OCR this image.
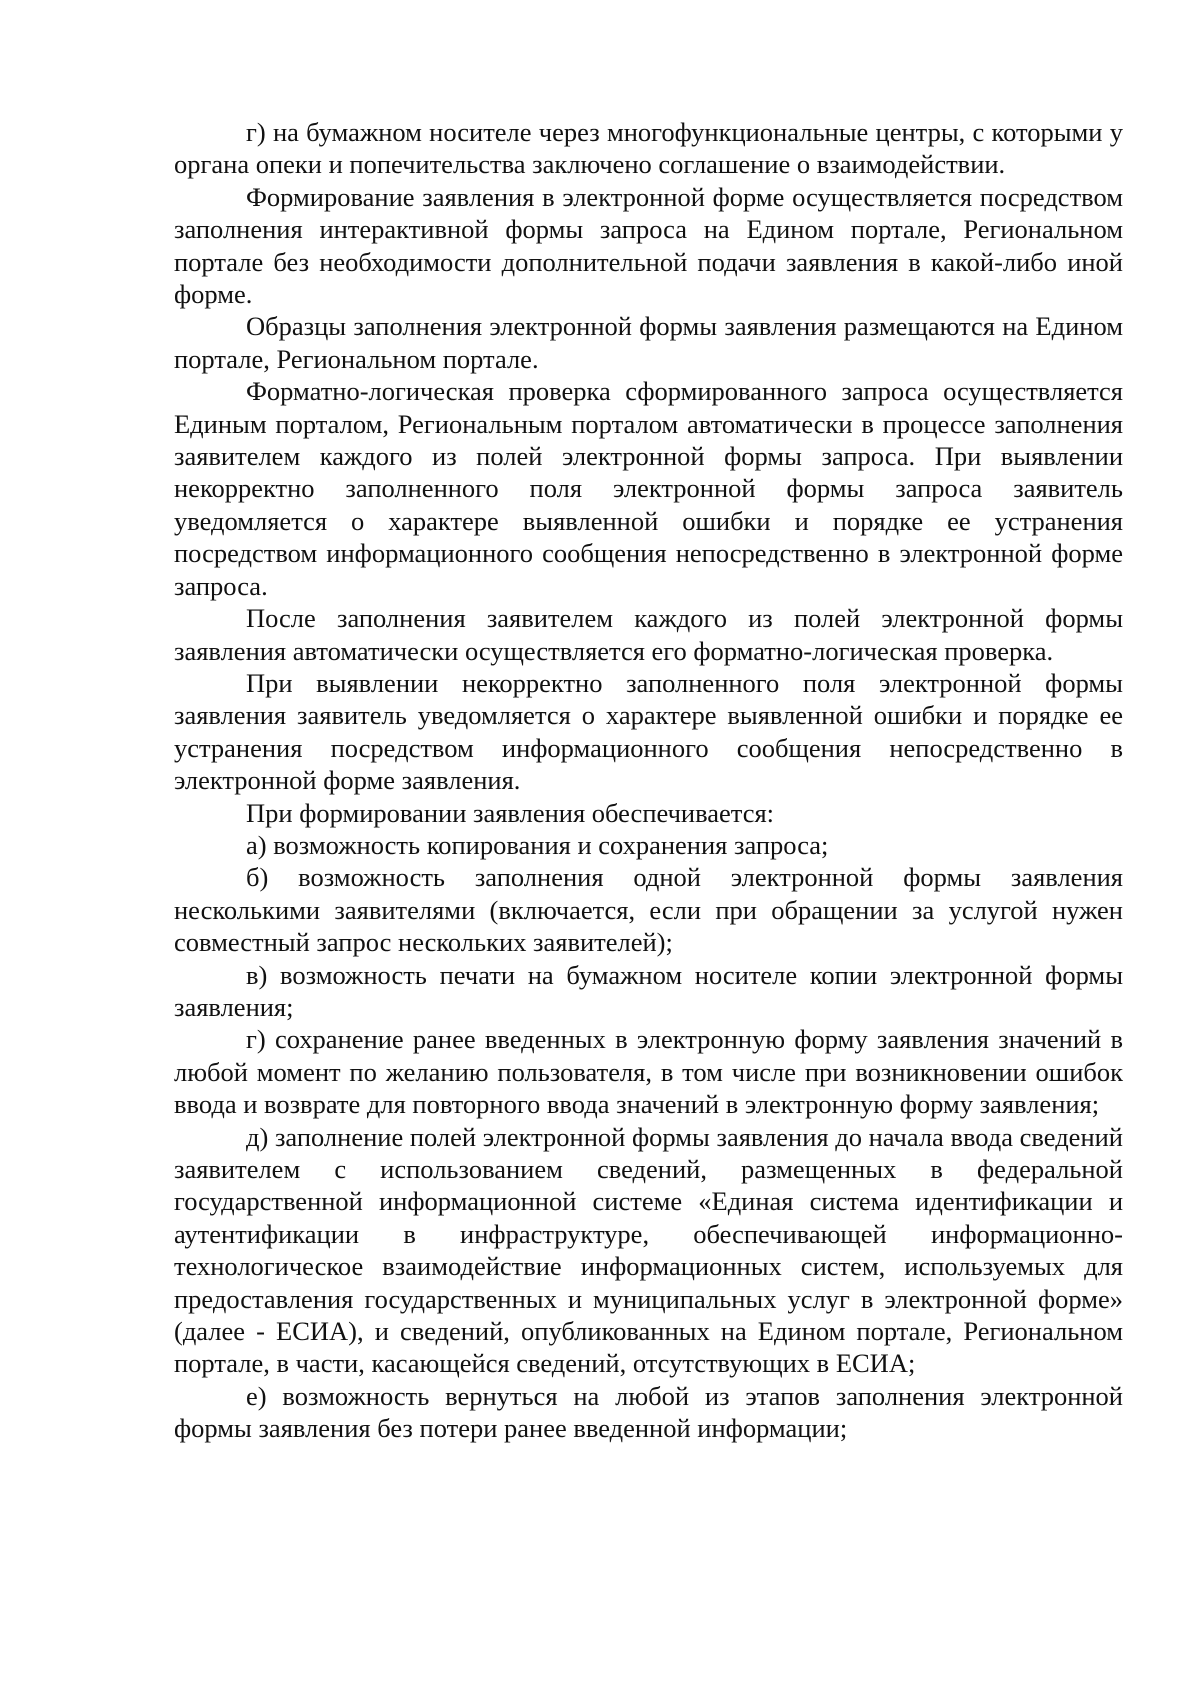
г) на бумажном носителе через многофункциональные центры, с которыми у органа опеки и попечительства заключено соглашение о взаимодействии.

Формирование заявления в электронной форме осуществляется посредством заполнения интерактивной формы запроса на Едином портале, Региональном портале без необходимости дополнительной подачи заявления в какой-либо иной форме.

Образцы заполнения электронной формы заявления размещаются на Едином портале, Региональном портале.

Форматно-логическая проверка сформированного запроса осуществляется Единым порталом, Региональным порталом автоматически в процессе заполнения заявителем каждого из полей электронной формы запроса. При выявлении некорректно заполненного поля электронной формы запроса заявитель уведомляется о характере выявленной ошибки и порядке ее устранения посредством информационного сообщения непосредственно в электронной форме запроса.

После заполнения заявителем каждого из полей электронной формы заявления автоматически осуществляется его форматно-логическая проверка.

При выявлении некорректно заполненного поля электронной формы заявления заявитель уведомляется о характере выявленной ошибки и порядке ее устранения посредством информационного сообщения непосредственно в электронной форме заявления.

При формировании заявления обеспечивается:

а) возможность копирования и сохранения запроса;

б) возможность заполнения одной электронной формы заявления несколькими заявителями (включается, если при обращении за услугой нужен совместный запрос нескольких заявителей);

в) возможность печати на бумажном носителе копии электронной формы заявления;

г) сохранение ранее введенных в электронную форму заявления значений в любой момент по желанию пользователя, в том числе при возникновении ошибок ввода и возврате для повторного ввода значений в электронную форму заявления;

д) заполнение полей электронной формы заявления до начала ввода сведений заявителем с использованием сведений, размещенных в федеральной государственной информационной системе «Единая система идентификации и аутентификации в инфраструктуре, обеспечивающей информационно-технологическое взаимодействие информационных систем, используемых для предоставления государственных и муниципальных услуг в электронной форме» (далее - ЕСИА), и сведений, опубликованных на Едином портале, Региональном портале, в части, касающейся сведений, отсутствующих в ЕСИА;

е) возможность вернуться на любой из этапов заполнения электронной формы заявления без потери ранее введенной информации;
